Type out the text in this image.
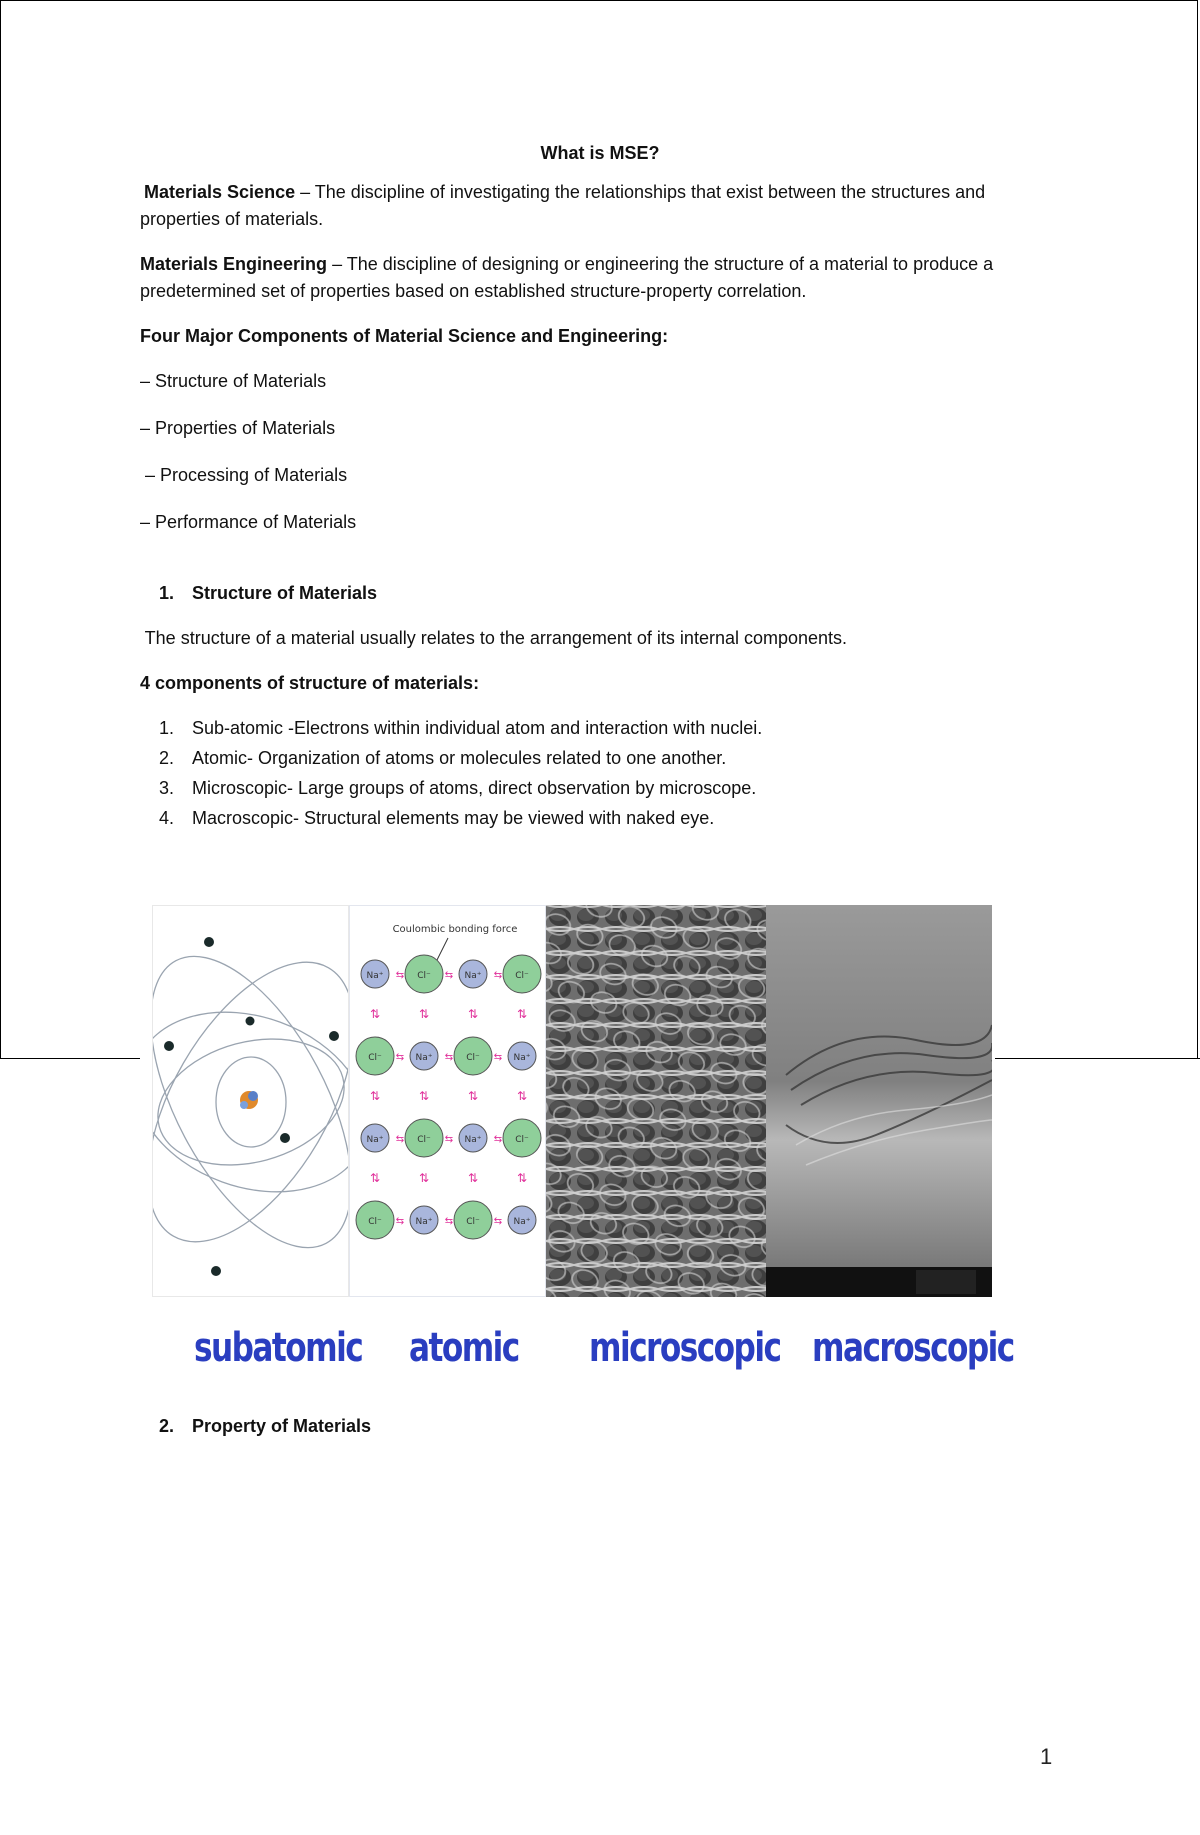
What is MSE?

Materials Science – The discipline of investigating the relationships that exist between the structures and properties of materials.

Materials Engineering – The discipline of designing or engineering the structure of a material to produce a predetermined set of properties based on established structure-property correlation.

Four Major Components of Material Science and Engineering:

– Structure of Materials

– Properties of Materials

– Processing of Materials

– Performance of Materials

1.	Structure of Materials

The structure of a material usually relates to the arrangement of its internal components.

4 components of structure of materials:

1.	Sub-atomic -Electrons within individual atom and interaction with nuclei.
2.	Atomic- Organization of atoms or molecules related to one another.
3.	Microscopic- Large groups of atoms, direct observation by microscope.
4.	Macroscopic- Structural elements may be viewed with naked eye.
Coulombic bonding force
Na⁺ ⇆
⇅
Cl⁻ ⇆
⇅
Na⁺ ⇆
⇅
Cl⁻
⇅
Cl⁻ ⇆
⇅
Na⁺ ⇆
⇅
Cl⁻ ⇆
⇅
Na⁺
⇅
Na⁺ ⇆
⇅
Cl⁻ ⇆
⇅
Na⁺ ⇆
⇅
Cl⁻
⇅
Cl⁻ ⇆ Na⁺ ⇆ Cl⁻ ⇆ Na⁺
subatomic atomic microscopic macroscopic
2.	Property of Materials
1
